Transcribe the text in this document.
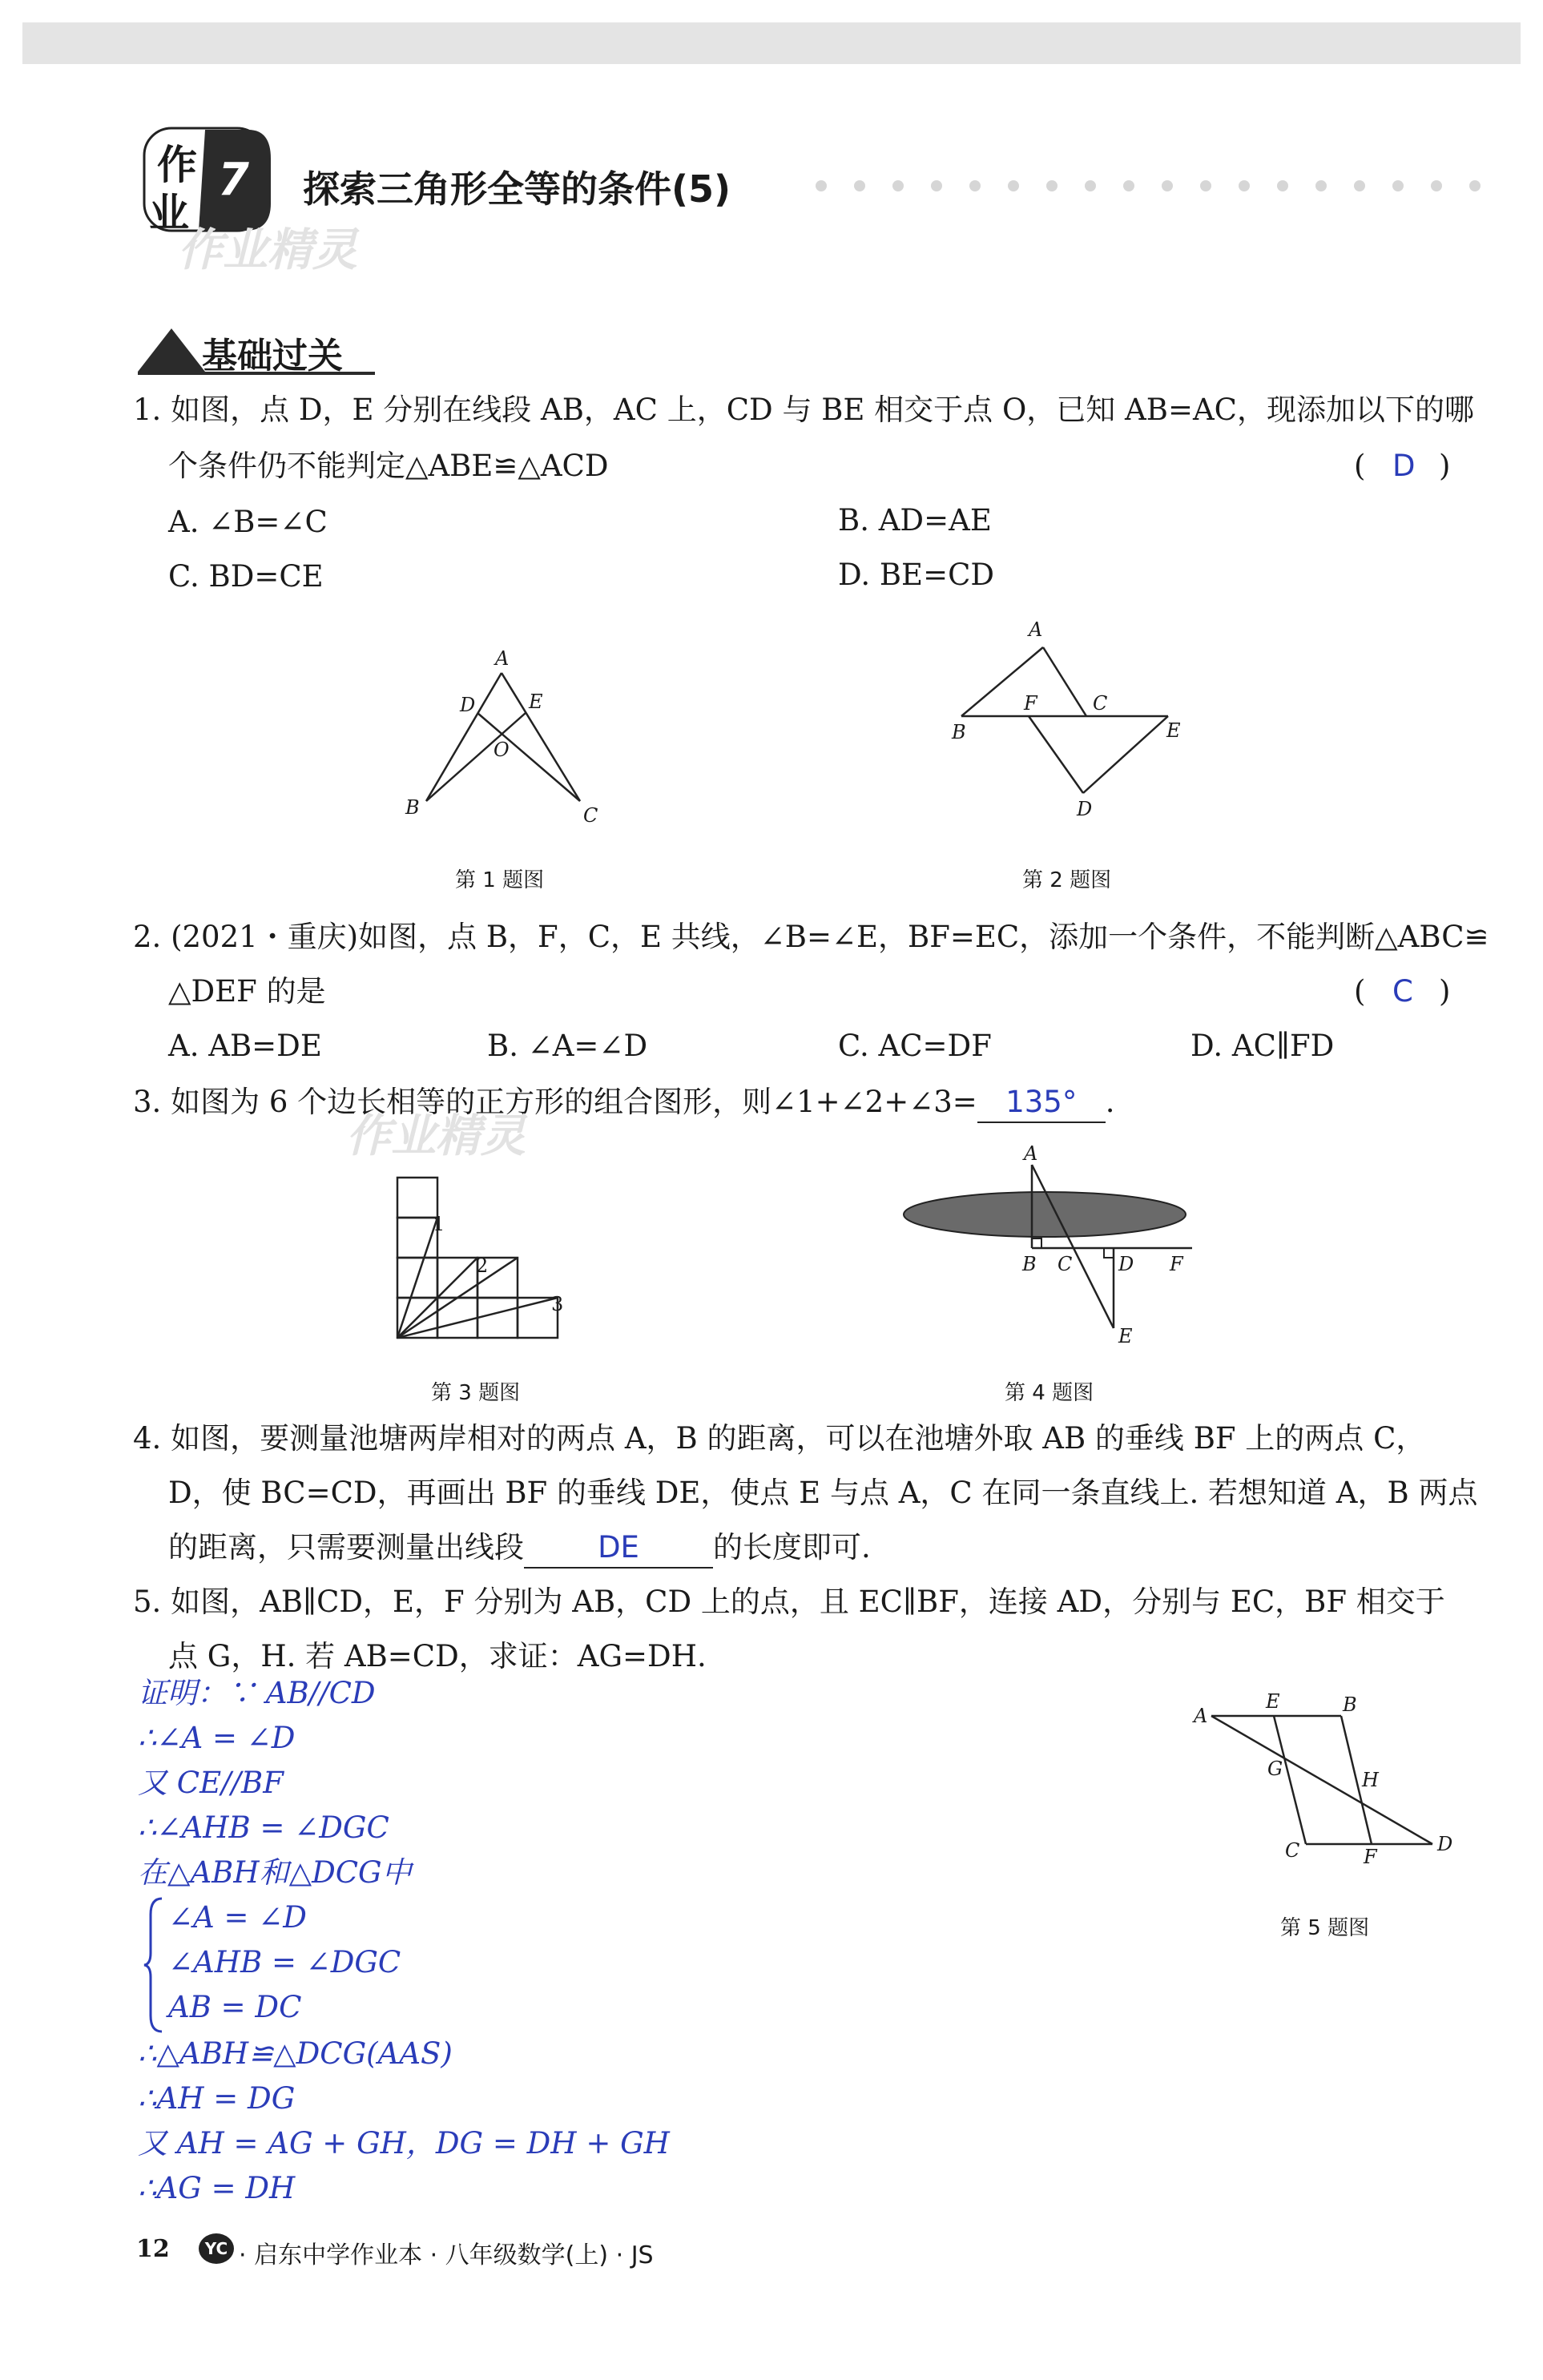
作
业
7
作业精灵
探索三角形全等的条件(5)
基础过关
1. 如图，点 D，E 分别在线段 AB，AC 上，CD 与 BE 相交于点 O，已知 AB=AC，现添加以下的哪
个条件仍不能判定△ABE≌△ACD	( D )
A. ∠B=∠C	B. AD=AE
C. BD=CE	D. BE=CD
A
D	E
O
B	C
第 1 题图
A
F	C
B	E
D
第 2 题图
2. (2021・重庆)如图，点 B，F，C，E 共线，∠B=∠E，BF=EC，添加一个条件，不能判断△ABC≌
△DEF 的是	( C )
A. AB=DE	B. ∠A=∠D	C. AC=DF	D. AC∥FD
3. 如图为 6 个边长相等的正方形的组合图形，则∠1+∠2+∠3= 135° .
作业精灵
1
2
3
第 3 题图
A
B C D F
E
第 4 题图
4. 如图，要测量池塘两岸相对的两点 A，B 的距离，可以在池塘外取 AB 的垂线 BF 上的两点 C，
D，使 BC=CD，再画出 BF 的垂线 DE，使点 E 与点 A，C 在同一条直线上. 若想知道 A，B 两点
的距离，只需要测量出线段 DE 的长度即可.
5. 如图，AB∥CD，E，F 分别为 AB，CD 上的点，且 EC∥BF，连接 AD，分别与 EC，BF 相交于
点 G，H. 若 AB=CD，求证：AG=DH.
证明：∵ AB//CD
∴∠A = ∠D
又 CE//BF
∴∠AHB = ∠DGC
在△ABH和△DCG中
∠A = ∠D
∠AHB = ∠DGC
AB = DC
∴△ABH≌△DCG(AAS)
∴AH = DG
又 AH = AG + GH，DG = DH + GH
∴AG = DH
A
E	B
G	H
C	F
D
第 5 题图
12	YC · 启东中学作业本 · 八年级数学(上) · JS
